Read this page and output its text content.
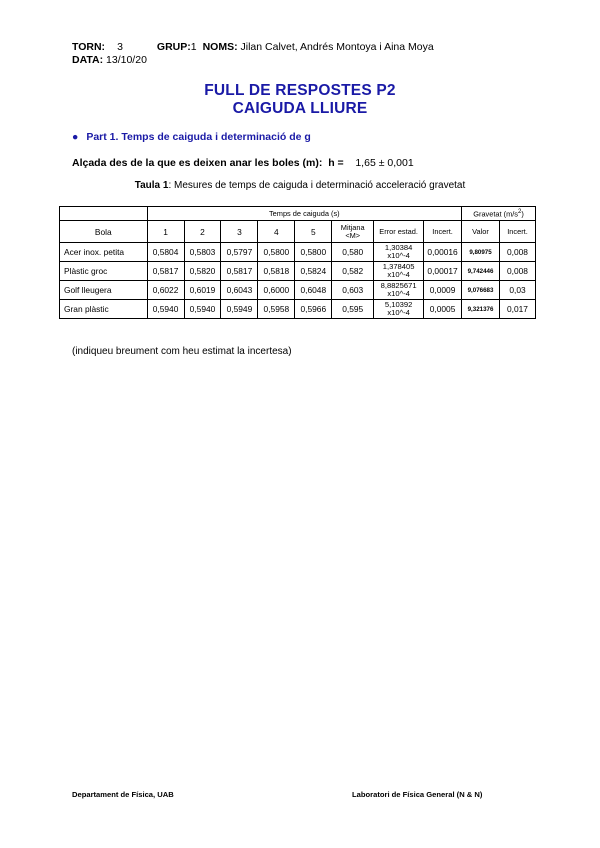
TORN: 3	GRUP:1 NOMS: Jilan Calvet, Andrés Montoya i Aina Moya
DATA: 13/10/20
FULL DE RESPOSTES P2
CAIGUDA LLIURE
● Part 1. Temps de caiguda i determinació de g
Alçada des de la que es deixen anar les boles (m): h = 1,65 ± 0,001
Taula 1: Mesures de temps de caiguda i determinació acceleració gravetat
	Temps de caiguda (s)								Gravetat $(m/s^2)$	
Bola	1	2	3	4	5	Mitjana <M>	Error estad.	Incert.	Valor	Incert.
Acer inox. petita	0,5804	0,5803	0,5797	0,5800	0,5800	0,580	1,30384 x10^-4	0,00016	9,80975	0,008
Plàstic groc	0,5817	0,5820	0,5817	0,5818	0,5824	0,582	1,378405 x10^-4	0,00017	9,742446	0,008
Golf lleugera	0,6022	0,6019	0,6043	0,6000	0,6048	0,603	8,8825671 x10^-4	0,0009	9,076683	0,03
Gran plàstic	0,5940	0,5940	0,5949	0,5958	0,5966	0,595	5,10392 x10^-4	0,0005	9,321376	0,017
(indiqueu breument com heu estimat la incertesa)
Departament de Física, UAB	Laboratori de Física General (N & N)
